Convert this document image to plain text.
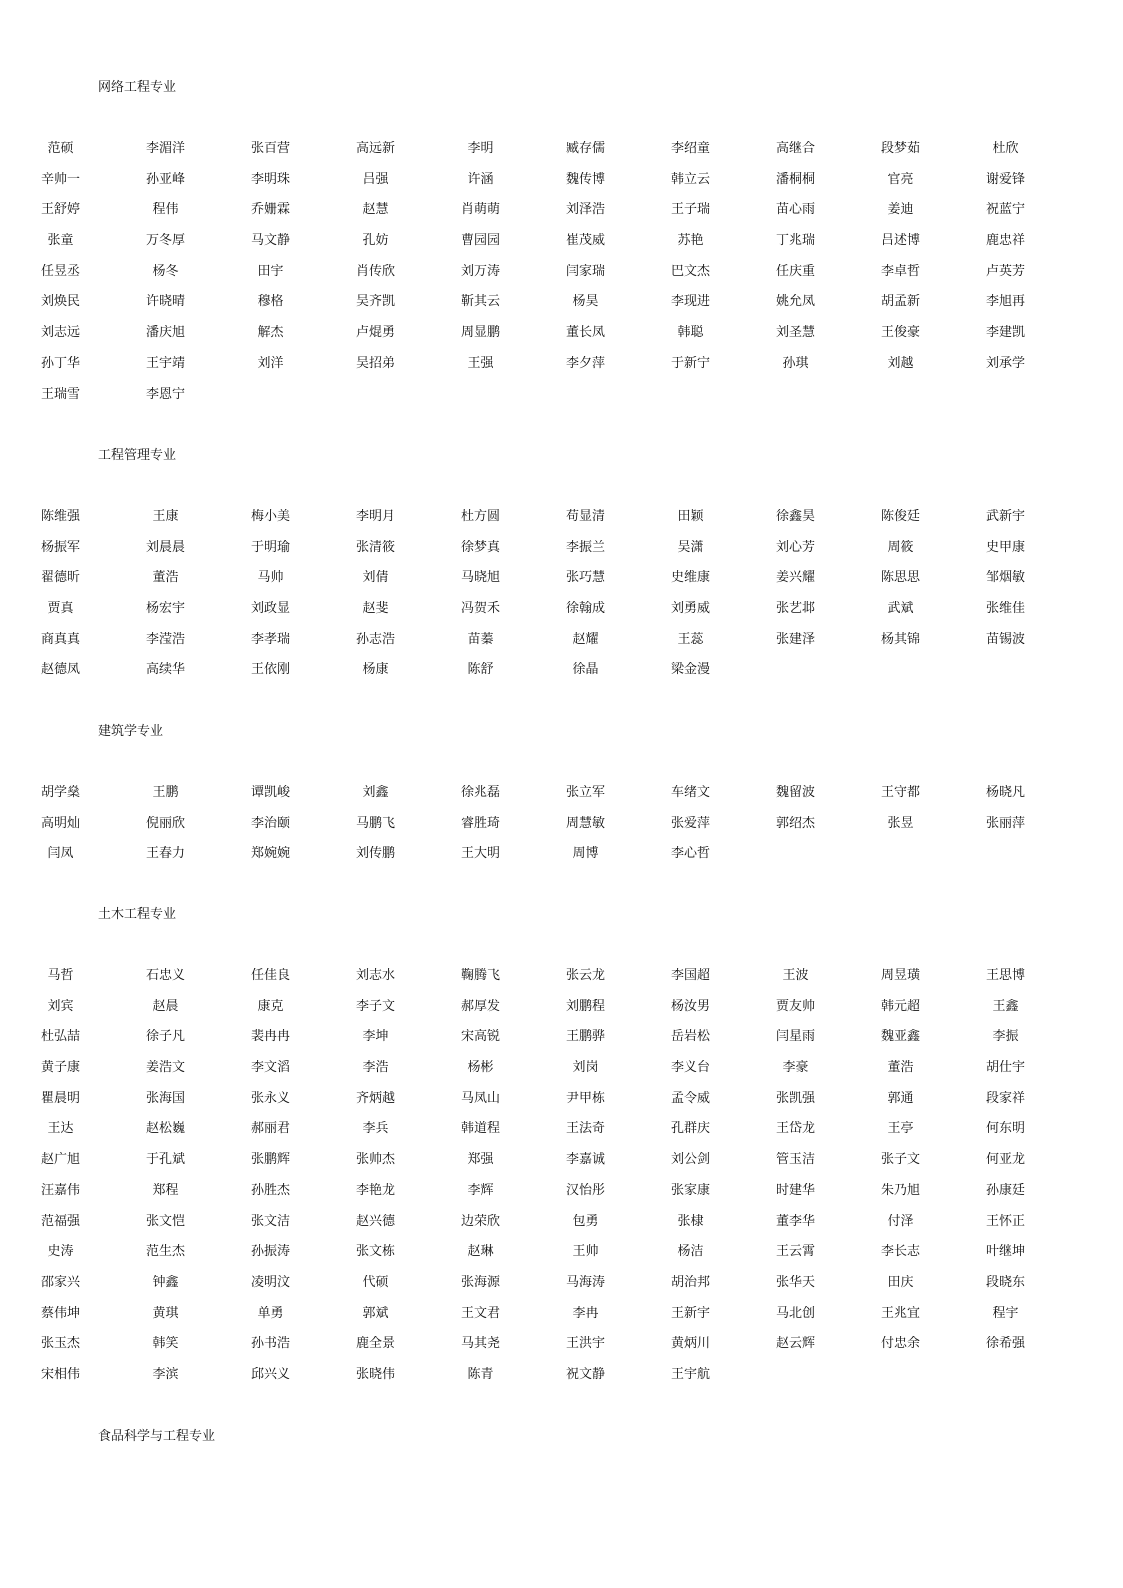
网络工程专业
范硕	李湄洋	张百营	高远新	李明	臧存儒	李绍童	高继合	段梦茹	杜欣
辛帅一	孙亚峰	李明珠	吕强	许涵	魏传博	韩立云	潘桐桐	官亮	谢爱锋
王舒婷	程伟	乔姗霖	赵慧	肖萌萌	刘泽浩	王子瑞	苗心雨	姜迪	祝蓝宁
张童	万冬厚	马文静	孔妨	曹园园	崔茂威	苏艳	丁兆瑞	吕述博	鹿忠祥
任昱丞	杨冬	田宇	肖传欣	刘万涛	闫家瑞	巴文杰	任庆重	李卓哲	卢英芳
刘焕民	许晓晴	穆格	吴齐凯	靳其云	杨昊	李现进	姚允凤	胡孟新	李旭再
刘志远	潘庆旭	解杰	卢焜勇	周显鹏	董长凤	韩聪	刘圣慧	王俊豪	李建凯
孙丁华	王宇靖	刘洋	吴招弟	王强	李夕萍	于新宁	孙琪	刘越	刘承学
王瑞雪	李恩宁
工程管理专业
陈维强	王康	梅小美	李明月	杜方圆	苟显清	田颖	徐鑫昊	陈俊廷	武新宇
杨振军	刘晨晨	于明瑜	张清筱	徐梦真	李振兰	吴潇	刘心芳	周筱	史甲康
翟德昕	董浩	马帅	刘倩	马晓旭	张巧慧	史维康	姜兴耀	陈思思	邹烟敏
贾真	杨宏宇	刘政显	赵斐	冯贺禾	徐翰成	刘勇威	张艺邶	武斌	张维佳
商真真	李滢浩	李孝瑞	孙志浩	苗蓁	赵耀	王蕊	张建泽	杨其锦	苗锡波
赵德凤	高续华	王依刚	杨康	陈舒	徐晶	梁金漫
建筑学专业
胡学燊	王鹏	谭凯峻	刘鑫	徐兆磊	张立军	车绪文	魏留波	王守都	杨晓凡
高明灿	倪丽欣	李治颐	马鹏飞	睿胜琦	周慧敏	张爱萍	郭绍杰	张昱	张丽萍
闫凤	王春力	郑婉婉	刘传鹏	王大明	周博	李心哲
土木工程专业
马哲	石忠义	任佳良	刘志水	鞠腾飞	张云龙	李国超	王波	周昱璜	王思博
刘宾	赵晨	康克	李子文	郝厚发	刘鹏程	杨汝男	贾友帅	韩元超	王鑫
杜弘喆	徐子凡	裴冉冉	李坤	宋高锐	王鹏骅	岳岩松	闫星雨	魏亚鑫	李振
黄子康	姜浩文	李文滔	李浩	杨彬	刘岗	李义台	李豪	董浩	胡仕宇
瞿晨明	张海国	张永义	齐炳越	马凤山	尹甲栋	孟令威	张凯强	郭通	段家祥
王达	赵松巍	郝丽君	李兵	韩道程	王法奇	孔群庆	王岱龙	王亭	何东明
赵广旭	于孔斌	张鹏辉	张帅杰	郑强	李嘉诚	刘公剑	管玉洁	张子文	何亚龙
汪嘉伟	郑程	孙胜杰	李艳龙	李辉	汉怡彤	张家康	时建华	朱乃旭	孙康廷
范福强	张文恺	张文洁	赵兴德	边荣欣	包勇	张棣	董李华	付泽	王怀正
史涛	范生杰	孙振涛	张文栋	赵琳	王帅	杨洁	王云霄	李长志	叶继坤
邵家兴	钟鑫	凌明汶	代硕	张海源	马海涛	胡治邦	张华天	田庆	段晓东
蔡伟坤	黄琪	单勇	郭斌	王文君	李冉	王新宇	马北创	王兆宜	程宇
张玉杰	韩笑	孙书浩	鹿全景	马其尧	王洪宇	黄炳川	赵云辉	付忠余	徐希强
宋相伟	李滨	邱兴义	张晓伟	陈青	祝文静	王宇航
食品科学与工程专业
